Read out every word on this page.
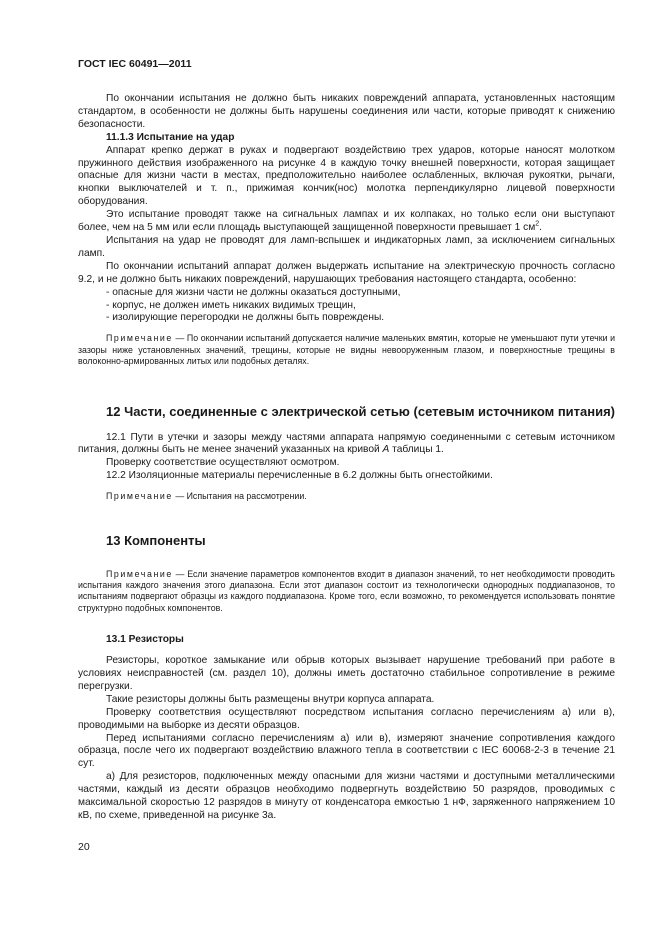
ГОСТ IEC 60491—2011

По окончании испытания не должно быть никаких повреждений аппарата, установленных настоящим стандартом, в особенности не должны быть нарушены соединения или части, которые приводят к снижению безопасности.

11.1.3 Испытание на удар

Аппарат крепко держат в руках и подвергают воздействию трех ударов, которые наносят молотком пружинного действия изображенного на рисунке 4 в каждую точку внешней поверхности, которая защищает опасные для жизни части в местах, предположительно наиболее ослабленных, включая рукоятки, рычаги, кнопки выключателей и т. п., прижимая кончик(нос) молотка перпендикулярно лицевой поверхности оборудования.

Это испытание проводят также на сигнальных лампах и их колпаках, но только если они выступают более, чем на 5 мм или если площадь выступающей защищенной поверхности превышает 1 $см^2$.

Испытания на удар не проводят для ламп-вспышек и индикаторных ламп, за исключением сигнальных ламп.

По окончании испытаний аппарат должен выдержать испытание на электрическую прочность согласно 9.2, и не должно быть никаких повреждений, нарушающих требования настоящего стандарта, особенно:

- опасные для жизни части не должны оказаться доступными,

- корпус, не должен иметь никаких видимых трещин,

- изолирующие перегородки не должны быть повреждены.

Примечание — По окончании испытаний допускается наличие маленьких вмятин, которые не уменьшают пути утечки и зазоры ниже установленных значений, трещины, которые не видны невооруженным глазом, и поверхностные трещины в волоконно-армированных литых или подобных деталях.

12 Части, соединенные с электрической сетью (сетевым источником питания)

12.1 Пути в утечки и зазоры между частями аппарата напрямую соединенными с сетевым источником питания, должны быть не менее значений указанных на кривой A таблицы 1.

Проверку соответствие осуществляют осмотром.

12.2 Изоляционные материалы перечисленные в 6.2 должны быть огнестойкими.

Примечание — Испытания на рассмотрении.

13 Компоненты

Примечание — Если значение параметров компонентов входит в диапазон значений, то нет необходимости проводить испытания каждого значения этого диапазона. Если этот диапазон состоит из технологически однородных поддиапазонов, то испытаниям подвергают образцы из каждого поддиапазона. Кроме того, если возможно, то рекомендуется использовать понятие структурно подобных компонентов.

13.1 Резисторы

Резисторы, короткое замыкание или обрыв которых вызывает нарушение требований при работе в условиях неисправностей (см. раздел 10), должны иметь достаточно стабильное сопротивление в режиме перегрузки.

Такие резисторы должны быть размещены внутри корпуса аппарата.

Проверку соответствия осуществляют посредством испытания согласно перечислениям а) или в), проводимыми на выборке из десяти образцов.

Перед испытаниями согласно перечислениям а) или в), измеряют значение сопротивления каждого образца, после чего их подвергают воздействию влажного тепла в соответствии с IEC 60068-2-3 в течение 21 сут.

а) Для резисторов, подключенных между опасными для жизни частями и доступными металлическими частями, каждый из десяти образцов необходимо подвергнуть воздействию 50 разрядов, проводимых с максимальной скоростью 12 разрядов в минуту от конденсатора емкостью 1 нФ, заряженного напряжением 10 кВ, по схеме, приведенной на рисунке 3а.

20
